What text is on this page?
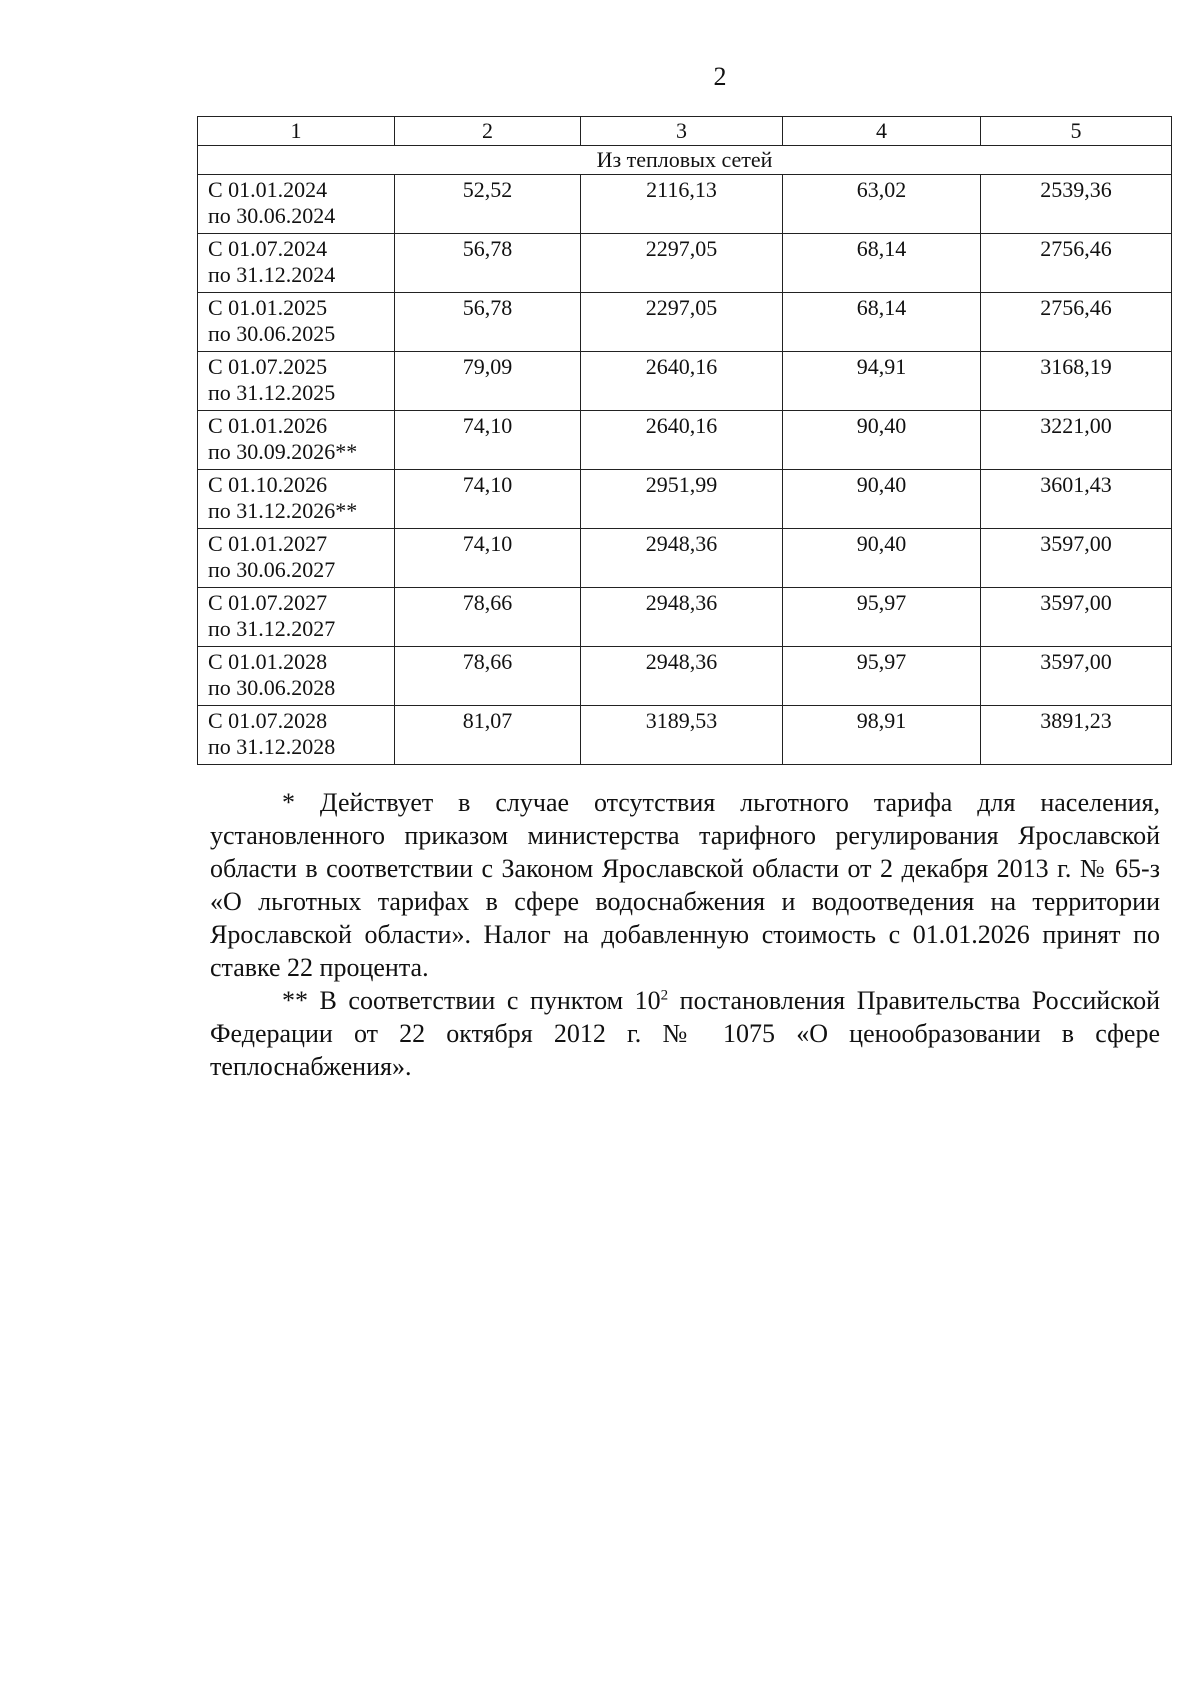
2
1	2	3	4	5
Из тепловых сетей				

С 01.01.2024
по 30.06.2024	52,52	2116,13	63,02	2539,36

С 01.07.2024
по 31.12.2024	56,78	2297,05	68,14	2756,46

С 01.01.2025
по 30.06.2025	56,78	2297,05	68,14	2756,46

С 01.07.2025
по 31.12.2025	79,09	2640,16	94,91	3168,19

С 01.01.2026
по 30.09.2026**	74,10	2640,16	90,40	3221,00

С 01.10.2026
по 31.12.2026**	74,10	2951,99	90,40	3601,43

С 01.01.2027
по 30.06.2027	74,10	2948,36	90,40	3597,00

С 01.07.2027
по 31.12.2027	78,66	2948,36	95,97	3597,00

С 01.01.2028
по 30.06.2028	78,66	2948,36	95,97	3597,00

С 01.07.2028
по 31.12.2028	81,07	3189,53	98,91	3891,23

* Действует в случае отсутствия льготного тарифа для населения, установленного приказом министерства тарифного регулирования Ярославской области в соответствии с Законом Ярославской области от 2 декабря 2013 г. № 65-з «О льготных тарифах в сфере водоснабжения и водоотведения на территории Ярославской области». Налог на добавленную стоимость с 01.01.2026 принят по ставке 22 процента.

** В соответствии с пунктом $10^2$ постановления Правительства Российской Федерации от 22 октября 2012 г. № 1075 «О ценообразовании в сфере теплоснабжения».
